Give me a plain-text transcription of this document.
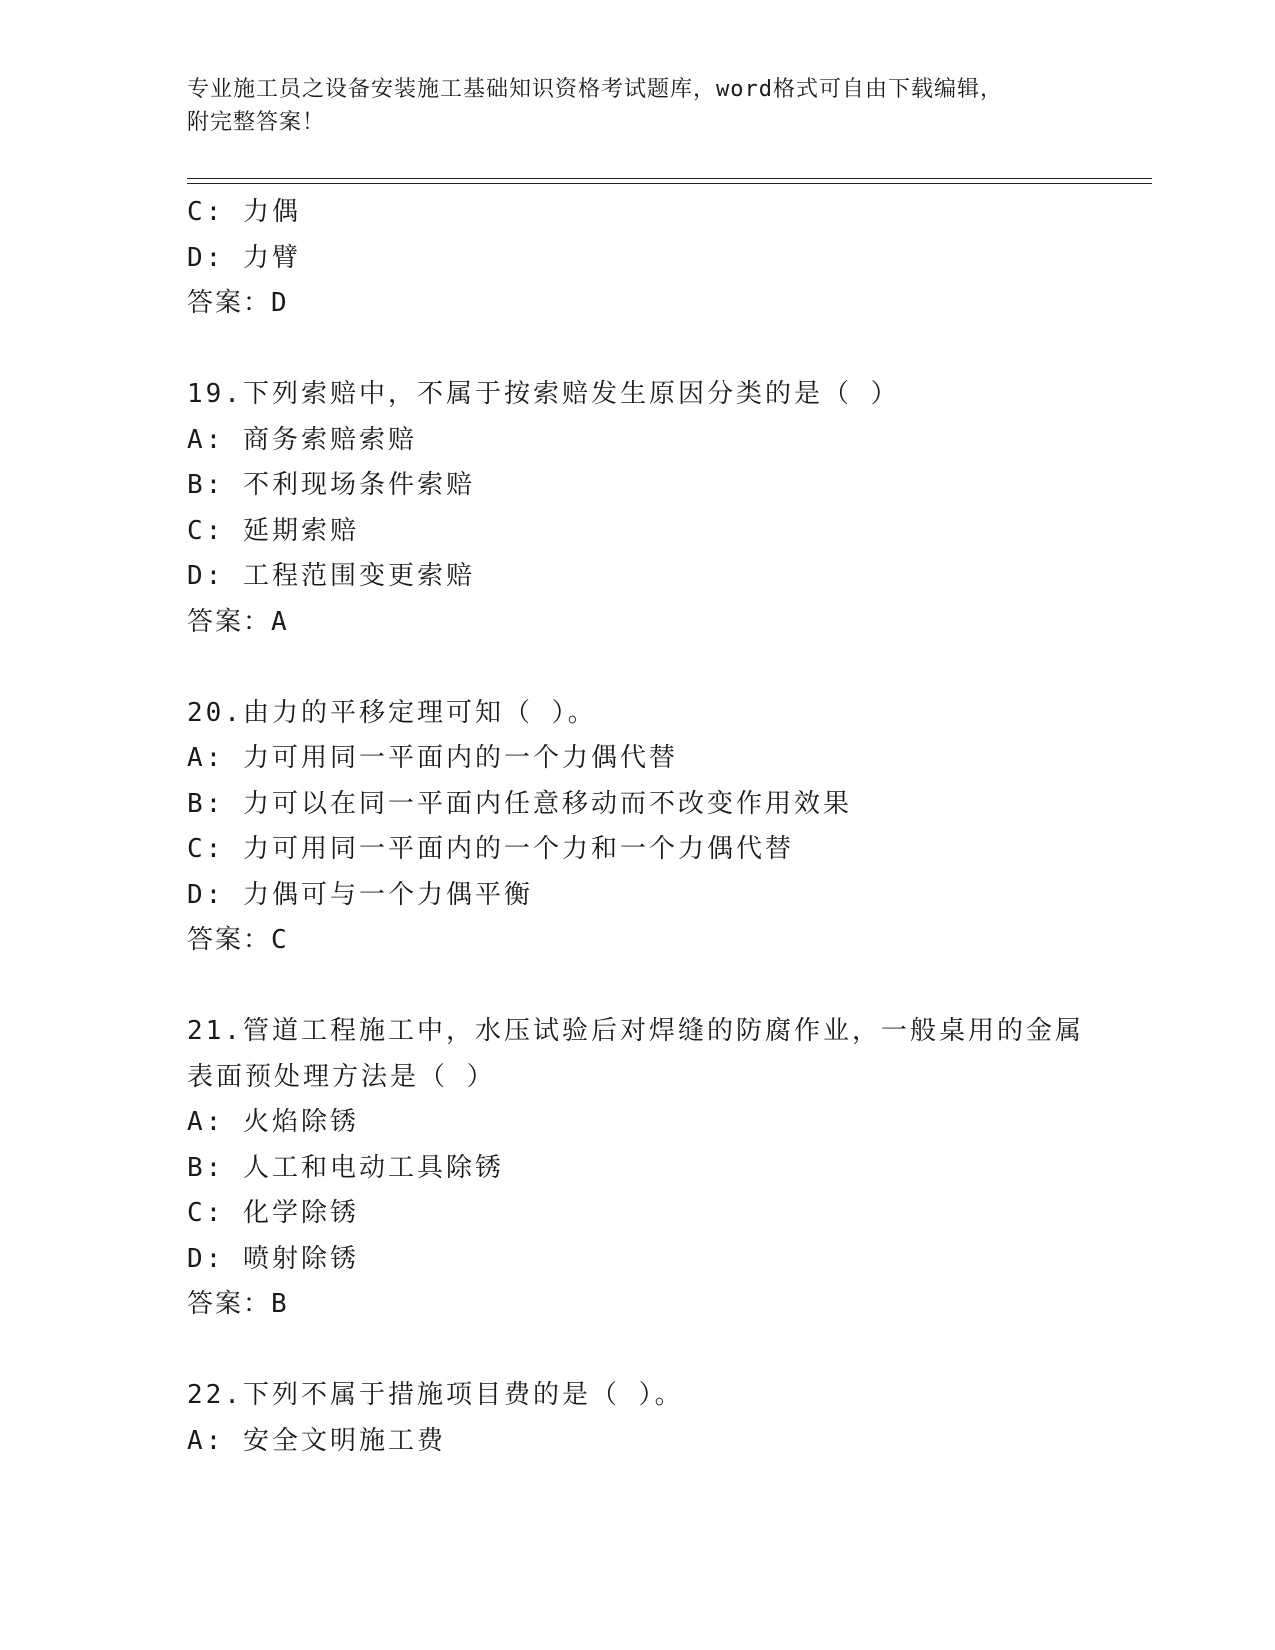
专业施工员之设备安装施工基础知识资格考试题库，word格式可自由下载编辑，
附完整答案！
C: 力偶
D: 力臂
答案：D
19.下列索赔中，不属于按索赔发生原因分类的是（ ）
A: 商务索赔索赔
B: 不利现场条件索赔
C: 延期索赔
D: 工程范围变更索赔
答案：A
20.由力的平移定理可知（ ）。
A: 力可用同一平面内的一个力偶代替
B: 力可以在同一平面内任意移动而不改变作用效果
C: 力可用同一平面内的一个力和一个力偶代替
D: 力偶可与一个力偶平衡
答案：C
21.管道工程施工中，水压试验后对焊缝的防腐作业，一般桌用的金属
表面预处理方法是（ ）
A: 火焰除锈
B: 人工和电动工具除锈
C: 化学除锈
D: 喷射除锈
答案：B
22.下列不属于措施项目费的是（ ）。
A: 安全文明施工费
